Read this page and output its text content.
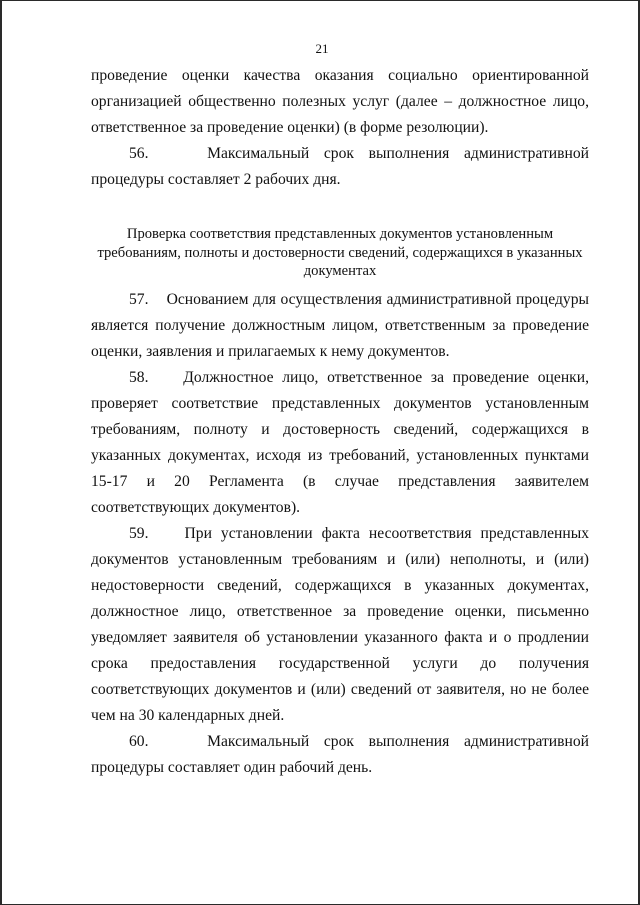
21

проведение оценки качества оказания социально ориентированной организацией общественно полезных услуг (далее – должностное лицо, ответственное за проведение оценки) (в форме резолюции).

56.    Максимальный срок выполнения административной процедуры составляет 2 рабочих дня.

Проверка соответствия представленных документов установленным требованиям, полноты и достоверности сведений, содержащихся в указанных документах

57.    Основанием для осуществления административной процедуры является получение должностным лицом, ответственным за проведение оценки, заявления и прилагаемых к нему документов.

58.    Должностное лицо, ответственное за проведение оценки, проверяет соответствие представленных документов установленным требованиям, полноту и достоверность сведений, содержащихся в указанных документах, исходя из требований, установленных пунктами 15-17 и 20 Регламента (в случае представления заявителем соответствующих документов).

59.    При установлении факта несоответствия представленных документов установленным требованиям и (или) неполноты, и (или) недостоверности сведений, содержащихся в указанных документах, должностное лицо, ответственное за проведение оценки, письменно уведомляет заявителя об установлении указанного факта и о продлении срока предоставления государственной услуги до получения соответствующих документов и (или) сведений от заявителя, но не более чем на 30 календарных дней.

60.    Максимальный срок выполнения административной процедуры составляет один рабочий день.
